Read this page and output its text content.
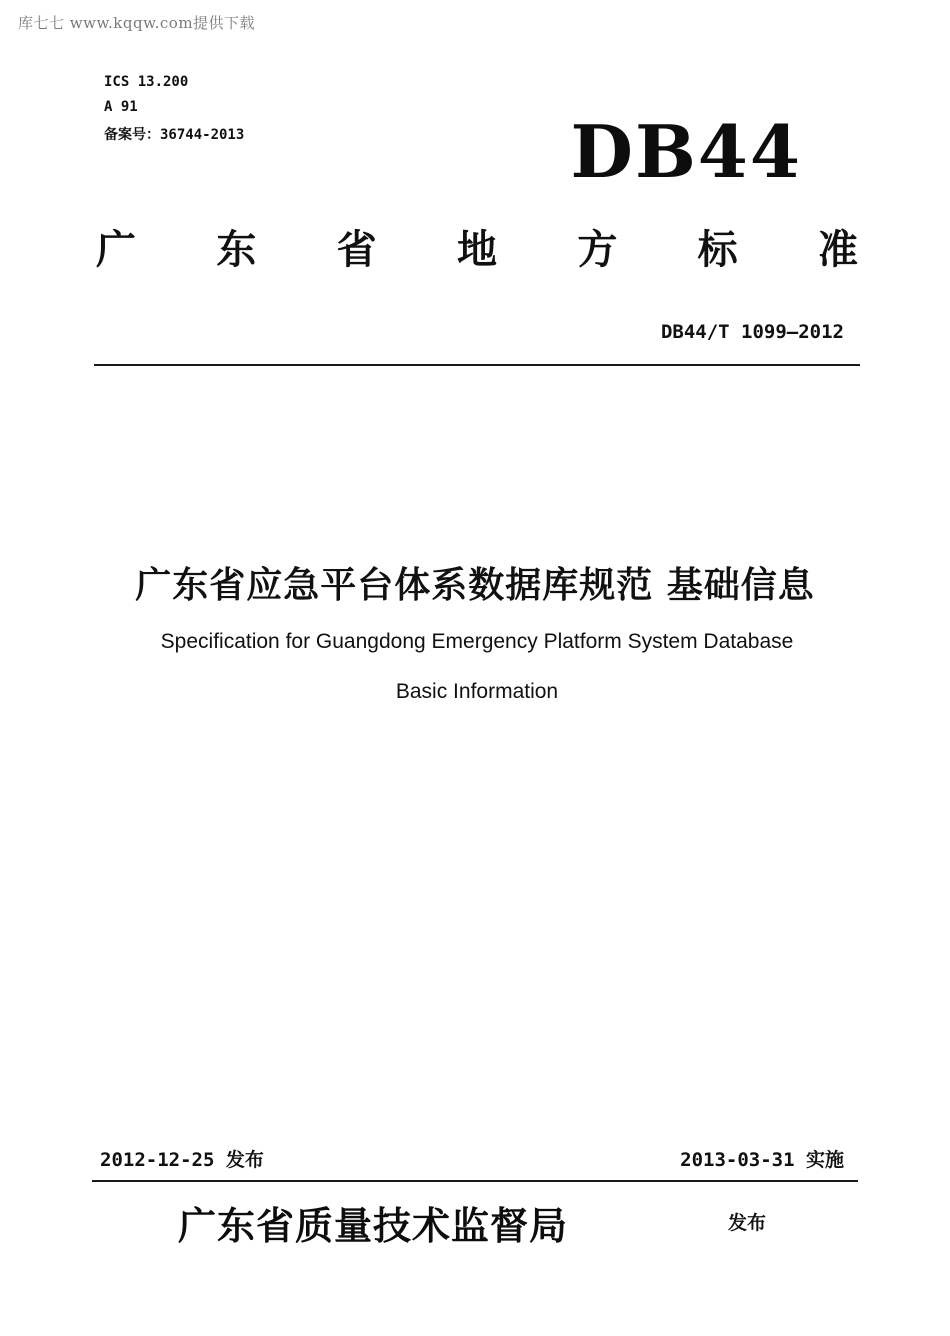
库七七 www.kqqw.com提供下载
ICS 13.200
A 91
备案号：36744-2013	DB44
广 东 省 地 方 标 准
DB44/T 1099—2012
广东省应急平台体系数据库规范 基础信息
Specification for Guangdong Emergency Platform System Database
Basic Information
2012-12-25 发布	2013-03-31 实施
广东省质量技术监督局	发布
